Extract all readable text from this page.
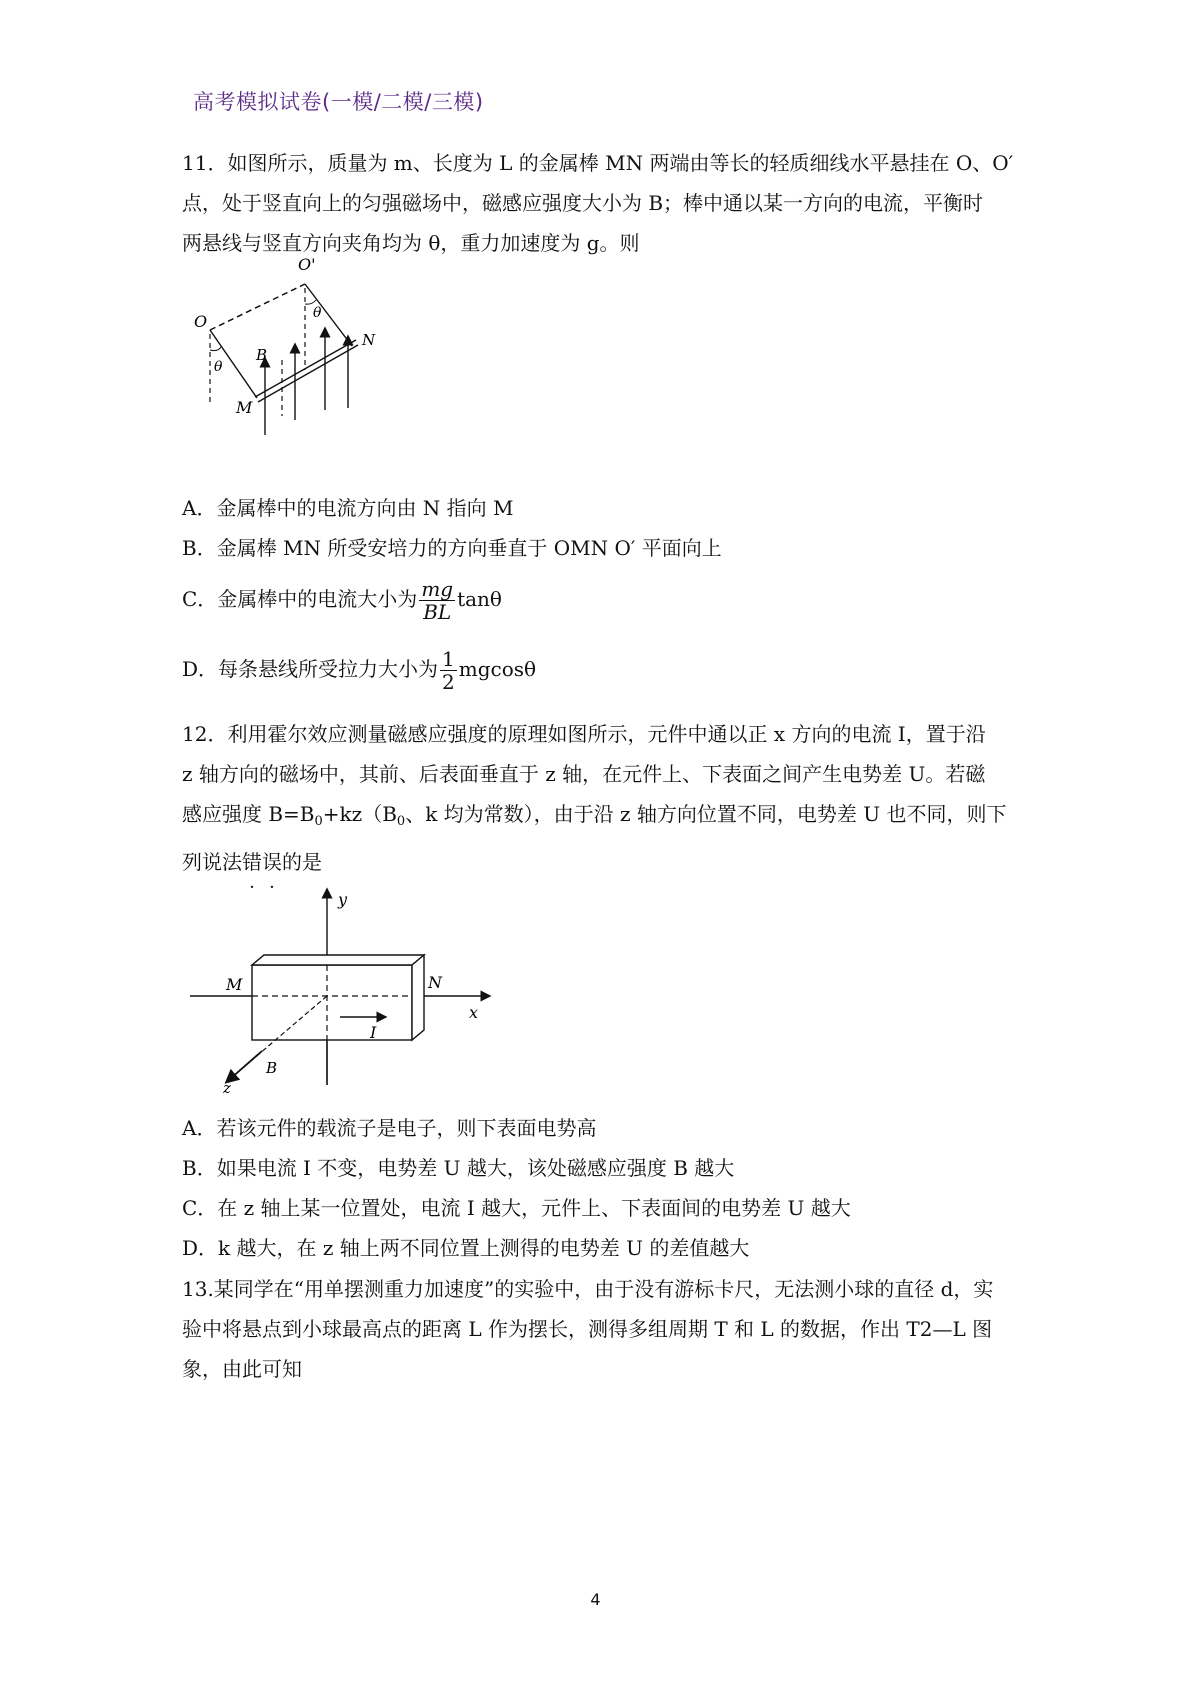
高考模拟试卷(一模/二模/三模)
11．如图所示，质量为 m、长度为 L 的金属棒 MN 两端由等长的轻质细线水平悬挂在 O、O′
点，处于竖直向上的匀强磁场中，磁感应强度大小为 B；棒中通以某一方向的电流，平衡时
两悬线与竖直方向夹角均为 θ，重力加速度为 g。则
O
O'
N
M
B
θ
θ
A．金属棒中的电流方向由 N 指向 M
B．金属棒 MN 所受安培力的方向垂直于 OMN O′ 平面向上
C．金属棒中的电流大小为 $\frac{mg}{BL}$ tanθ
D．每条悬线所受拉力大小为 $\frac{1}{2}$ mgcosθ
12．利用霍尔效应测量磁感应强度的原理如图所示，元件中通以正 x 方向的电流 I，置于沿
z 轴方向的磁场中，其前、后表面垂直于 z 轴，在元件上、下表面之间产生电势差 U。若磁
感应强度 $B=B_0+kz(B_0$、k 均为常数），由于沿 z 轴方向位置不同，电势差 U 也不同，则下
列说法错误的是
y
x
z
M	N
I
B
A．若该元件的载流子是电子，则下表面电势高
B．如果电流 I 不变，电势差 U 越大，该处磁感应强度 B 越大
C．在 z 轴上某一位置处，电流 I 越大，元件上、下表面间的电势差 U 越大
D．k 越大，在 z 轴上两不同位置上测得的电势差 U 的差值越大
13.某同学在“用单摆测重力加速度”的实验中，由于没有游标卡尺，无法测小球的直径 d，实
验中将悬点到小球最高点的距离 L 作为摆长，测得多组周期 T 和 L 的数据，作出 T2—L 图
象，由此可知
4
